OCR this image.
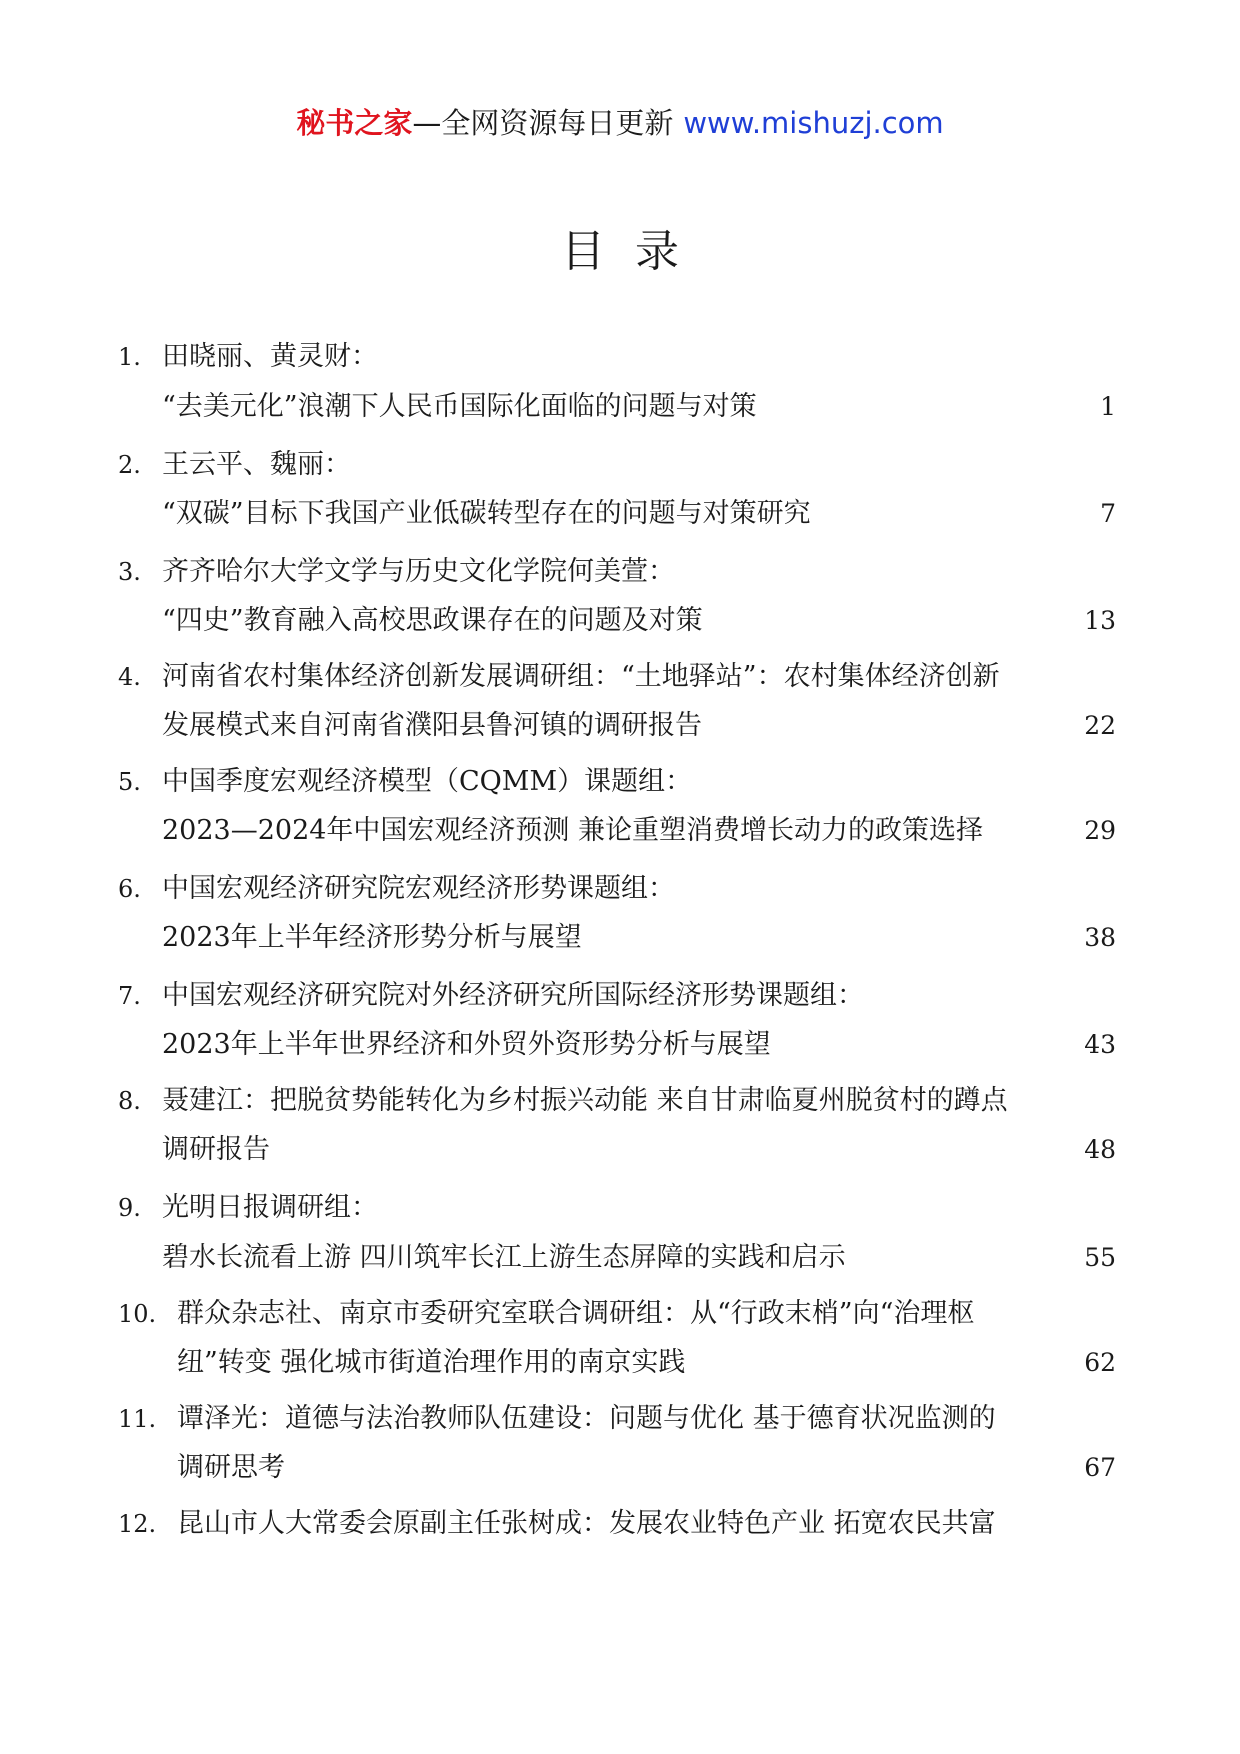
秘书之家—全网资源每日更新 www.mishuzj.com
目录
1. 田晓丽、黄灵财：
“去美元化”浪潮下人民币国际化面临的问题与对策	1
2. 王云平、魏丽：
“双碳”目标下我国产业低碳转型存在的问题与对策研究	7
3. 齐齐哈尔大学文学与历史文化学院何美萱：
“四史”教育融入高校思政课存在的问题及对策	13
4. 河南省农村集体经济创新发展调研组：“土地驿站”：农村集体经济创新
发展模式来自河南省濮阳县鲁河镇的调研报告	22
5. 中国季度宏观经济模型（CQMM）课题组：
2023—2024年中国宏观经济预测 兼论重塑消费增长动力的政策选择	29
6. 中国宏观经济研究院宏观经济形势课题组：
2023年上半年经济形势分析与展望	38
7. 中国宏观经济研究院对外经济研究所国际经济形势课题组：
2023年上半年世界经济和外贸外资形势分析与展望	43
8. 聂建江：把脱贫势能转化为乡村振兴动能 来自甘肃临夏州脱贫村的蹲点
调研报告	48
9. 光明日报调研组：
碧水长流看上游 四川筑牢长江上游生态屏障的实践和启示	55
10. 群众杂志社、南京市委研究室联合调研组：从“行政末梢”向“治理枢
纽”转变 强化城市街道治理作用的南京实践	62
11. 谭泽光：道德与法治教师队伍建设：问题与优化 基于德育状况监测的
调研思考	67
12. 昆山市人大常委会原副主任张树成：发展农业特色产业 拓宽农民共富
